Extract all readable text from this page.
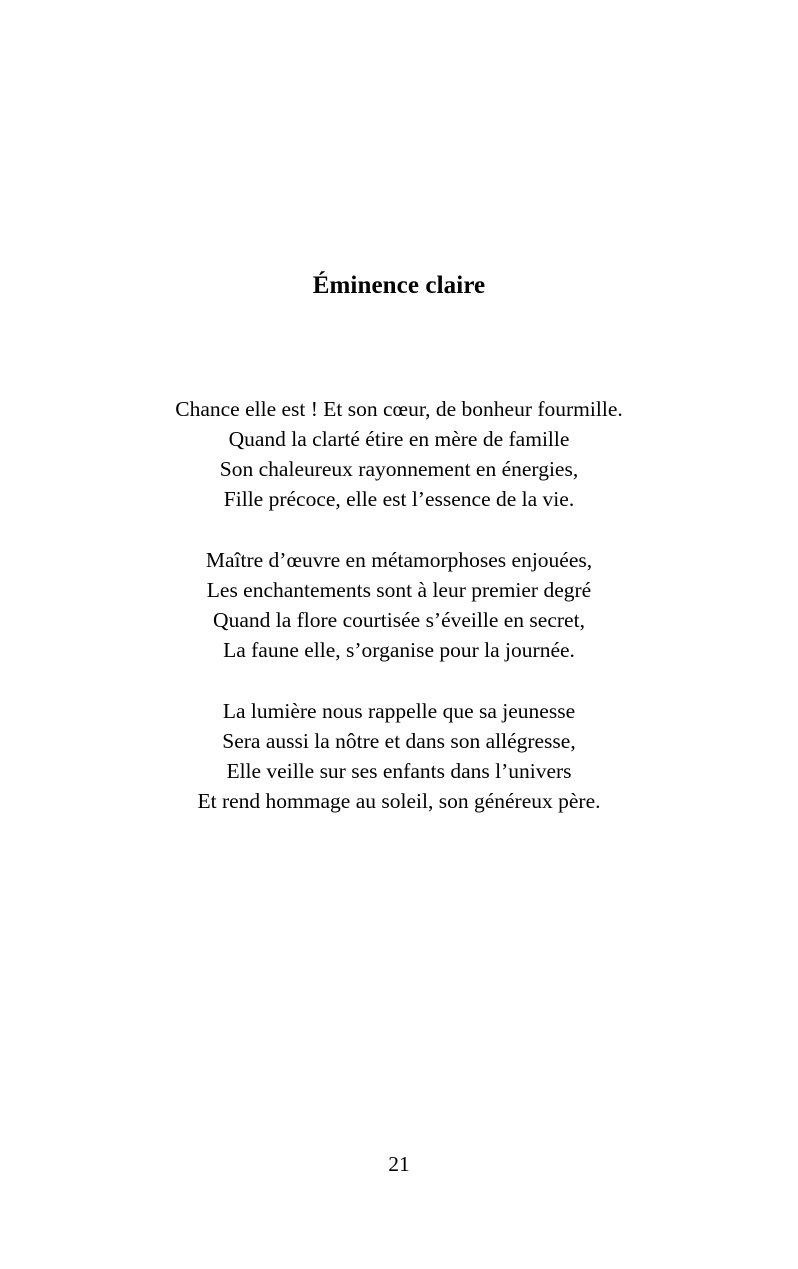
Éminence claire
Chance elle est ! Et son cœur, de bonheur fourmille.
Quand la clarté étire en mère de famille
Son chaleureux rayonnement en énergies,
Fille précoce, elle est l’essence de la vie.
Maître d’œuvre en métamorphoses enjouées,
Les enchantements sont à leur premier degré
Quand la flore courtisée s’éveille en secret,
La faune elle, s’organise pour la journée.
La lumière nous rappelle que sa jeunesse
Sera aussi la nôtre et dans son allégresse,
Elle veille sur ses enfants dans l’univers
Et rend hommage au soleil, son généreux père.
21
